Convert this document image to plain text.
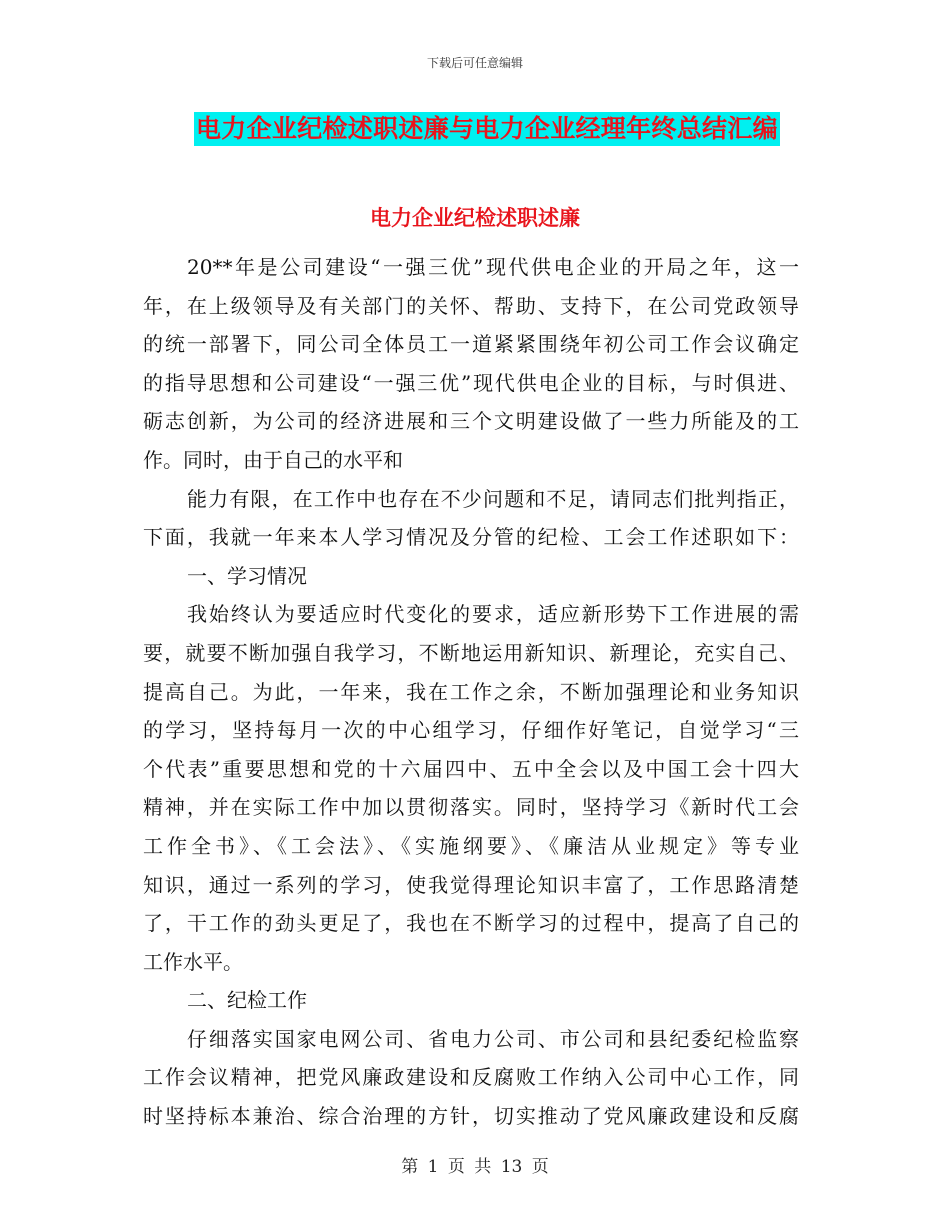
下载后可任意编辑
电力企业纪检述职述廉与电力企业经理年终总结汇编
电力企业纪检述职述廉
20**年是公司建设“一强三优”现代供电企业的开局之年，这一
年，在上级领导及有关部门的关怀、帮助、支持下，在公司党政领导
的统一部署下，同公司全体员工一道紧紧围绕年初公司工作会议确定
的指导思想和公司建设“一强三优”现代供电企业的目标，与时俱进、
砺志创新，为公司的经济进展和三个文明建设做了一些力所能及的工
作。同时，由于自己的水平和
能力有限，在工作中也存在不少问题和不足，请同志们批判指正，
下面，我就一年来本人学习情况及分管的纪检、工会工作述职如下：
一、学习情况
我始终认为要适应时代变化的要求，适应新形势下工作进展的需
要，就要不断加强自我学习，不断地运用新知识、新理论，充实自己、
提高自己。为此，一年来，我在工作之余，不断加强理论和业务知识
的学习，坚持每月一次的中心组学习，仔细作好笔记，自觉学习“三
个代表”重要思想和党的十六届四中、五中全会以及中国工会十四大
精神，并在实际工作中加以贯彻落实。同时，坚持学习《新时代工会
工作全书》、《工会法》、《实施纲要》、《廉洁从业规定》等专业
知识，通过一系列的学习，使我觉得理论知识丰富了，工作思路清楚
了，干工作的劲头更足了，我也在不断学习的过程中，提高了自己的
工作水平。
二、纪检工作
仔细落实国家电网公司、省电力公司、市公司和县纪委纪检监察
工作会议精神，把党风廉政建设和反腐败工作纳入公司中心工作，同
时坚持标本兼治、综合治理的方针，切实推动了党风廉政建设和反腐
第 1 页 共 13 页
